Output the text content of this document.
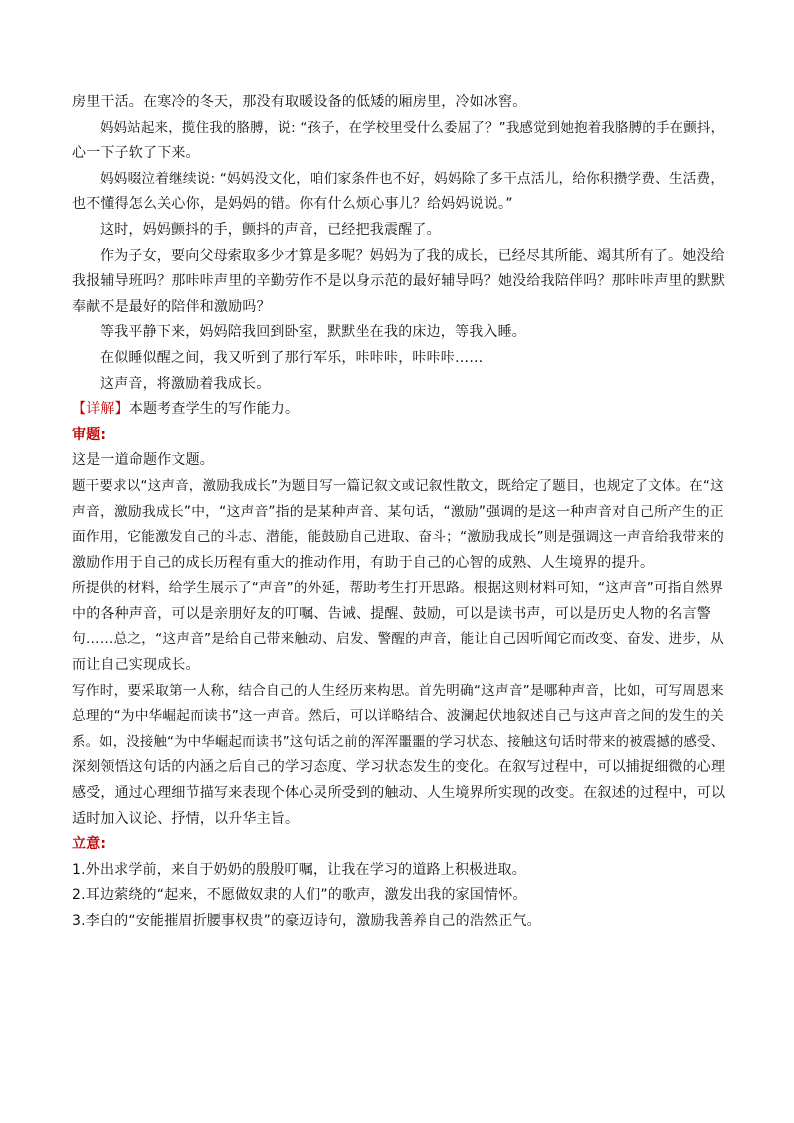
房里干活。在寒冷的冬天，那没有取暖设备的低矮的厢房里，冷如冰窖。
妈妈站起来，揽住我的胳膊，说: “孩子，在学校里受什么委屈了？”我感觉到她抱着我胳膊的手在颤抖，
心一下子软了下来。
妈妈啜泣着继续说: “妈妈没文化，咱们家条件也不好，妈妈除了多干点活儿，给你积攒学费、生活费，
也不懂得怎么关心你，是妈妈的错。你有什么烦心事儿？给妈妈说说。”
这时，妈妈颤抖的手，颤抖的声音，已经把我震醒了。
作为子女，要向父母索取多少才算是多呢？妈妈为了我的成长，已经尽其所能、竭其所有了。她没给
我报辅导班吗？那咔咔声里的辛勤劳作不是以身示范的最好辅导吗？她没给我陪伴吗？那咔咔声里的默默
奉献不是最好的陪伴和激励吗？
等我平静下来，妈妈陪我回到卧室，默默坐在我的床边，等我入睡。
在似睡似醒之间，我又听到了那行军乐，咔咔咔，咔咔咔……
这声音，将激励着我成长。
【详解】本题考查学生的写作能力。
审题:
这是一道命题作文题。
题干要求以“这声音，激励我成长”为题目写一篇记叙文或记叙性散文，既给定了题目，也规定了文体。在“这
声音，激励我成长”中，“这声音”指的是某种声音、某句话，“激励”强调的是这一种声音对自己所产生的正
面作用，它能激发自己的斗志、潜能，能鼓励自己进取、奋斗；“激励我成长”则是强调这一声音给我带来的
激励作用于自己的成长历程有重大的推动作用，有助于自己的心智的成熟、人生境界的提升。
所提供的材料，给学生展示了“声音”的外延，帮助考生打开思路。根据这则材料可知，“这声音”可指自然界
中的各种声音，可以是亲朋好友的叮嘱、告诫、提醒、鼓励，可以是读书声，可以是历史人物的名言警
句……总之，“这声音”是给自己带来触动、启发、警醒的声音，能让自己因听闻它而改变、奋发、进步，从
而让自己实现成长。
写作时，要采取第一人称，结合自己的人生经历来构思。首先明确“这声音”是哪种声音，比如，可写周恩来
总理的“为中华崛起而读书”这一声音。然后，可以详略结合、波澜起伏地叙述自己与这声音之间的发生的关
系。如，没接触“为中华崛起而读书”这句话之前的浑浑噩噩的学习状态、接触这句话时带来的被震撼的感受、
深刻领悟这句话的内涵之后自己的学习态度、学习状态发生的变化。在叙写过程中，可以捕捉细微的心理
感受，通过心理细节描写来表现个体心灵所受到的触动、人生境界所实现的改变。在叙述的过程中，可以
适时加入议论、抒情，以升华主旨。
立意:
1.外出求学前，来自于奶奶的殷殷叮嘱，让我在学习的道路上积极进取。
2.耳边萦绕的“起来，不愿做奴隶的人们”的歌声，激发出我的家国情怀。
3.李白的“安能摧眉折腰事权贵”的豪迈诗句，激励我善养自己的浩然正气。
